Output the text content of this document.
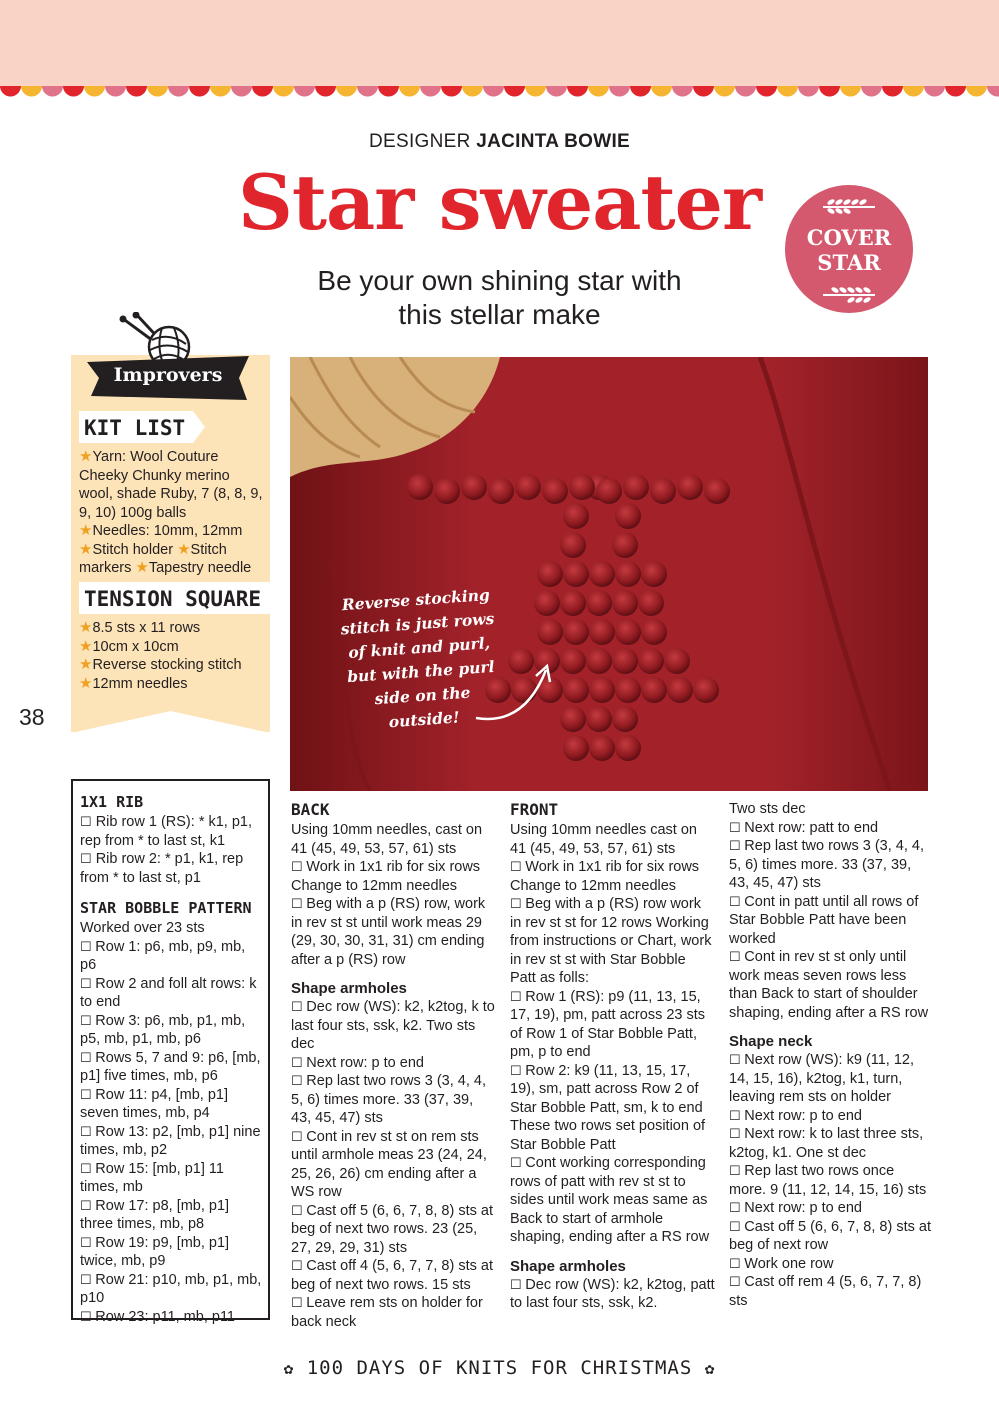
DESIGNER JACINTA BOWIE
Star sweater
Be your own shining star with
this stellar make
COVER
STAR
Improvers
KIT LIST
★Yarn: Wool Couture Cheeky Chunky merino wool, shade Ruby, 7 (8, 8, 9, 9, 10) 100g balls
★Needles: 10mm, 12mm
★Stitch holder ★Stitch markers ★Tapestry needle
TENSION SQUARE
★8.5 sts x 11 rows
★10cm x 10cm
★Reverse stocking stitch
★12mm needles
38
Reverse stocking stitch is just rows of knit and purl, but with the purl side on the outside!
1X1 RIB

☐ Rib row 1 (RS): * k1, p1, rep from * to last st, k1

☐ Rib row 2: * p1, k1, rep from * to last st, p1

STAR BOBBLE PATTERN

Worked over 23 sts

☐ Row 1: p6, mb, p9, mb, p6

☐ Row 2 and foll alt rows: k to end

☐ Row 3: p6, mb, p1, mb, p5, mb, p1, mb, p6

☐ Rows 5, 7 and 9: p6, [mb, p1] five times, mb, p6

☐ Row 11: p4, [mb, p1] seven times, mb, p4

☐ Row 13: p2, [mb, p1] nine times, mb, p2

☐ Row 15: [mb, p1] 11 times, mb

☐ Row 17: p8, [mb, p1] three times, mb, p8

☐ Row 19: p9, [mb, p1] twice, mb, p9

☐ Row 21: p10, mb, p1, mb, p10

☐ Row 23: p11, mb, p11

BACK

Using 10mm needles, cast on 41 (45, 49, 53, 57, 61) sts

☐ Work in 1x1 rib for six rows Change to 12mm needles

☐ Beg with a p (RS) row, work in rev st st until work meas 29 (29, 30, 30, 31, 31) cm ending after a p (RS) row

Shape armholes

☐ Dec row (WS): k2, k2tog, k to last four sts, ssk, k2. Two sts dec

☐ Next row: p to end

☐ Rep last two rows 3 (3, 4, 4, 5, 6) times more. 33 (37, 39, 43, 45, 47) sts

☐ Cont in rev st st on rem sts until armhole meas 23 (24, 24, 25, 26, 26) cm ending after a WS row

☐ Cast off 5 (6, 6, 7, 8, 8) sts at beg of next two rows. 23 (25, 27, 29, 29, 31) sts

☐ Cast off 4 (5, 6, 7, 7, 8) sts at beg of next two rows. 15 sts

☐ Leave rem sts on holder for back neck

FRONT

Using 10mm needles cast on 41 (45, 49, 53, 57, 61) sts

☐ Work in 1x1 rib for six rows Change to 12mm needles

☐ Beg with a p (RS) row work in rev st st for 12 rows Working from instructions or Chart, work in rev st st with Star Bobble Patt as folls:

☐ Row 1 (RS): p9 (11, 13, 15, 17, 19), pm, patt across 23 sts of Row 1 of Star Bobble Patt, pm, p to end

☐ Row 2: k9 (11, 13, 15, 17, 19), sm, patt across Row 2 of Star Bobble Patt, sm, k to end These two rows set position of Star Bobble Patt

☐ Cont working corresponding rows of patt with rev st st to sides until work meas same as Back to start of armhole shaping, ending after a RS row

Shape armholes

☐ Dec row (WS): k2, k2tog, patt to last four sts, ssk, k2.

Two sts dec

☐ Next row: patt to end

☐ Rep last two rows 3 (3, 4, 4, 5, 6) times more. 33 (37, 39, 43, 45, 47) sts

☐ Cont in patt until all rows of Star Bobble Patt have been worked

☐ Cont in rev st st only until work meas seven rows less than Back to start of shoulder shaping, ending after a RS row

Shape neck

☐ Next row (WS): k9 (11, 12, 14, 15, 16), k2tog, k1, turn, leaving rem sts on holder

☐ Next row: p to end

☐ Next row: k to last three sts, k2tog, k1. One st dec

☐ Rep last two rows once more. 9 (11, 12, 14, 15, 16) sts

☐ Next row: p to end

☐ Cast off 5 (6, 6, 7, 8, 8) sts at beg of next row

☐ Work one row

☐ Cast off rem 4 (5, 6, 7, 7, 8) sts

✿ 100 DAYS OF KNITS FOR CHRISTMAS ✿
